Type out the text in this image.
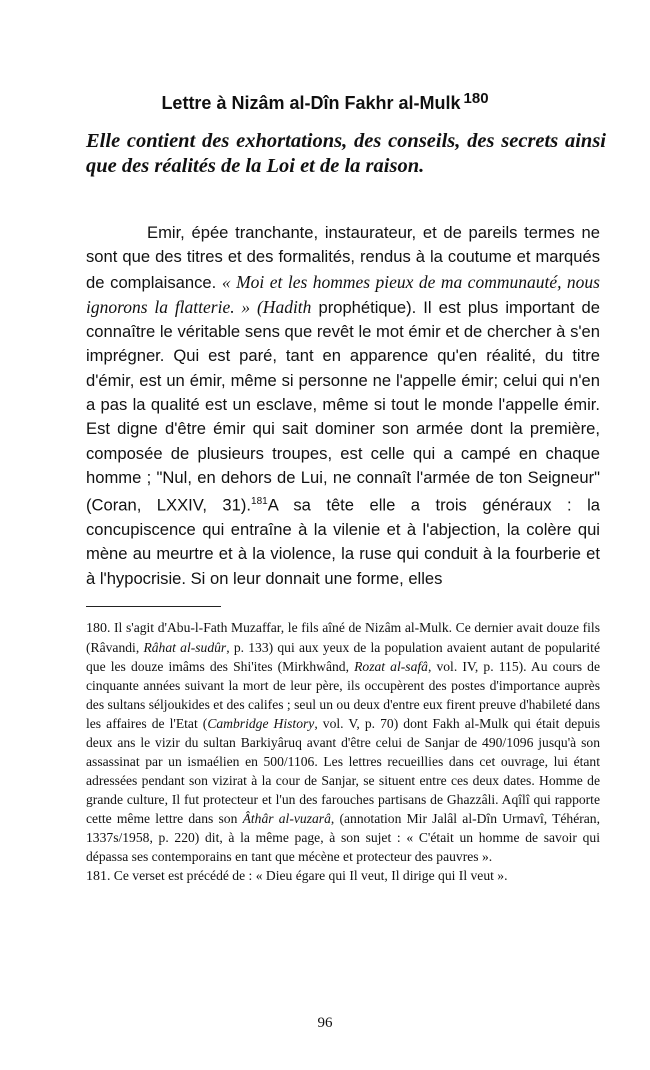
Lettre à Nizâm al-Dîn Fakhr al-Mulk $^{180}$
Elle contient des exhortations, des conseils, des secrets ainsi que des réalités de la Loi et de la raison.

Emir, épée tranchante, instaurateur, et de pareils termes ne sont que des titres et des formalités, rendus à la coutume et marqués de complaisance. « Moi et les hommes pieux de ma communauté, nous ignorons la flatterie. » (Hadith prophétique). Il est plus important de connaître le véritable sens que revêt le mot émir et de chercher à s'en imprégner. Qui est paré, tant en apparence qu'en réalité, du titre d'émir, est un émir, même si personne ne l'appelle émir; celui qui n'en a pas la qualité est un esclave, même si tout le monde l'appelle émir. Est digne d'être émir qui sait dominer son armée dont la première, composée de plusieurs troupes, est celle qui a campé en chaque homme ; "Nul, en dehors de Lui, ne connaît l'armée de ton Seigneur" (Coran, LXXIV, 31).$^{181}$A sa tête elle a trois généraux : la concupiscence qui entraîne à la vilenie et à l'abjection, la colère qui mène au meurtre et à la violence, la ruse qui conduit à la fourberie et à l'hypocrisie. Si on leur donnait une forme, elles

180. Il s'agit d'Abu-l-Fath Muzaffar, le fils aîné de Nizâm al-Mulk. Ce dernier avait douze fils (Râvandi, Râhat al-sudûr, p. 133) qui aux yeux de la population avaient autant de popularité que les douze imâms des Shi'ites (Mirkhwând, Rozat al-safâ, vol. IV, p. 115). Au cours de cinquante années suivant la mort de leur père, ils occupèrent des postes d'importance auprès des sultans séljoukides et des califes ; seul un ou deux d'entre eux firent preuve d'habileté dans les affaires de l'Etat (Cambridge History, vol. V, p. 70) dont Fakh al-Mulk qui était depuis deux ans le vizir du sultan Barkiyâruq avant d'être celui de Sanjar de 490/1096 jusqu'à son assassinat par un ismaélien en 500/1106. Les lettres recueillies dans cet ouvrage, lui étant adressées pendant son vizirat à la cour de Sanjar, se situent entre ces deux dates. Homme de grande culture, Il fut protecteur et l'un des farouches partisans de Ghazzâli. Aqîlî qui rapporte cette même lettre dans son Âthâr al-vuzarâ, (annotation Mir Jalâl al-Dîn Urmavî, Téhéran, 1337s/1958, p. 220) dit, à la même page, à son sujet : « C'était un homme de savoir qui dépassa ses contemporains en tant que mécène et protecteur des pauvres ».

181. Ce verset est précédé de : « Dieu égare qui Il veut, Il dirige qui Il veut ».

96
